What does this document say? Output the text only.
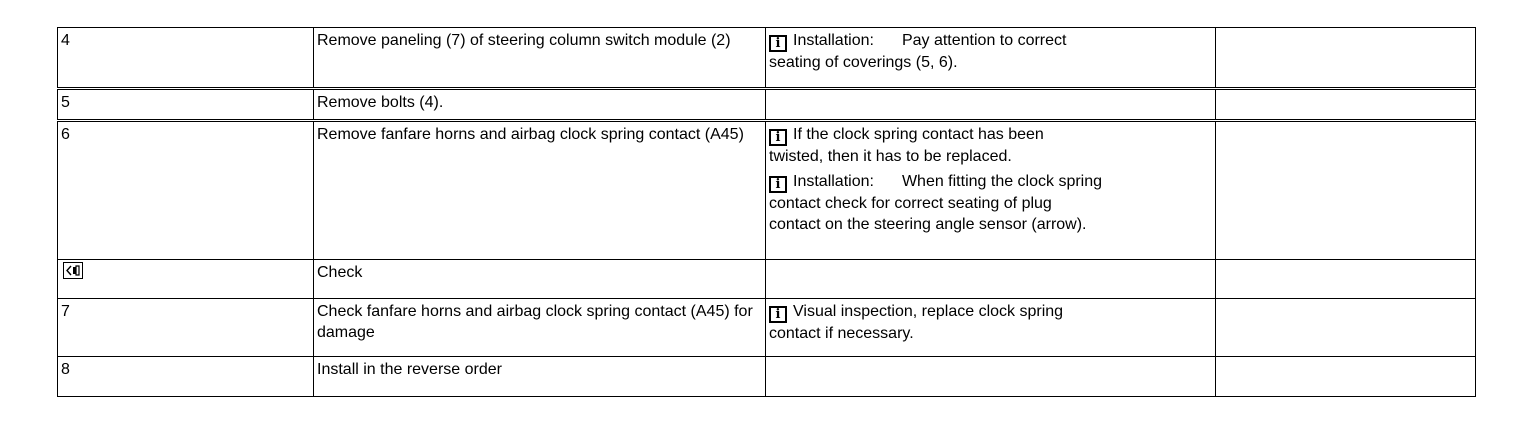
4	Remove paneling (7) of steering column switch module (2)	i Installation: Pay attention to correct
seating of coverings (5, 6).	

5	Remove bolts (4).		
6	Remove fanfare horns and airbag clock spring contact (A45)	i If the clock spring contact has been
twisted, then it has to be replaced.
i Installation: When fitting the clock spring
contact check for correct seating of plug
contact on the steering angle sensor (arrow).	

	Check		
7	Check fanfare horns and airbag clock spring contact (A45) for damage	i Visual inspection, replace clock spring
contact if necessary.	

8	Install in the reverse order		
